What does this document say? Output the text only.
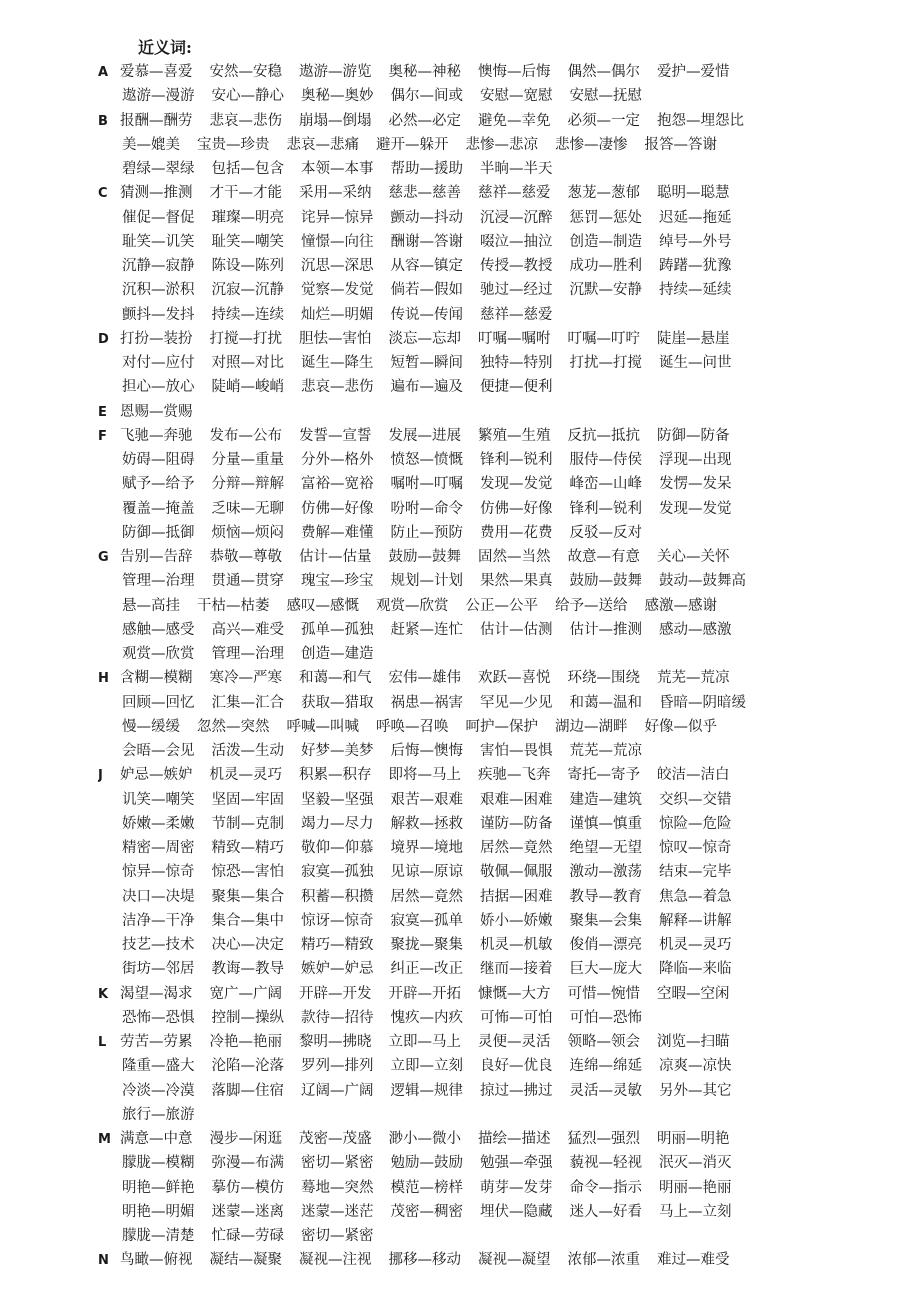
近义词:
A 爱慕—喜爱 安然—安稳 遨游—游览 奥秘—神秘 懊悔—后悔 偶然—偶尔 爱护—爱惜
遨游—漫游 安心—静心 奥秘—奥妙 偶尔—间或 安慰—宽慰 安慰—抚慰
B 报酬—酬劳 悲哀—悲伤 崩塌—倒塌 必然—必定 避免—幸免 必须—一定 抱怨—埋怨比
美—媲美 宝贵—珍贵 悲哀—悲痛 避开—躲开 悲惨—悲凉 悲惨—凄惨 报答—答谢
碧绿—翠绿 包括—包含 本领—本事 帮助—援助 半晌—半天
C 猜测—推测 才干—才能 采用—采纳 慈悲—慈善 慈祥—慈爱 葱茏—葱郁 聪明—聪慧
催促—督促 璀璨—明亮 诧异—惊异 颤动—抖动 沉浸—沉醉 惩罚—惩处 迟延—拖延
耻笑—讥笑 耻笑—嘲笑 憧憬—向往 酬谢—答谢 啜泣—抽泣 创造—制造 绰号—外号
沉静—寂静 陈设—陈列 沉思—深思 从容—镇定 传授—教授 成功—胜利 踌躇—犹豫
沉积—淤积 沉寂—沉静 觉察—发觉 倘若—假如 驰过—经过 沉默—安静 持续—延续
颤抖—发抖 持续—连续 灿烂—明媚 传说—传闻 慈祥—慈爱
D 打扮—装扮 打搅—打扰 胆怯—害怕 淡忘—忘却 叮嘱—嘱咐 叮嘱—叮咛 陡崖—悬崖
对付—应付 对照—对比 诞生—降生 短暂—瞬间 独特—特别 打扰—打搅 诞生—问世
担心—放心 陡峭—峻峭 悲哀—悲伤 遍布—遍及 便捷—便利
E 恩赐—赏赐
F 飞驰—奔驰 发布—公布 发誓—宣誓 发展—进展 繁殖—生殖 反抗—抵抗 防御—防备
妨碍—阻碍 分量—重量 分外—格外 愤怒—愤慨 锋利—锐利 服侍—侍侯 浮现—出现
赋予—给予 分辩—辩解 富裕—宽裕 嘱咐—叮嘱 发现—发觉 峰峦—山峰 发愣—发呆
覆盖—掩盖 乏味—无聊 仿佛—好像 吩咐—命令 仿佛—好像 锋利—锐利 发现—发觉
防御—抵御 烦恼—烦闷 费解—难懂 防止—预防 费用—花费 反驳—反对
G 告别—告辞 恭敬—尊敬 估计—估量 鼓励—鼓舞 固然—当然 故意—有意 关心—关怀
管理—治理 贯通—贯穿 瑰宝—珍宝 规划—计划 果然—果真 鼓励—鼓舞 鼓动—鼓舞高
悬—高挂 干枯—枯萎 感叹—感慨 观赏—欣赏 公正—公平 给予—送给 感激—感谢
感触—感受 高兴—难受 孤单—孤独 赶紧—连忙 估计—估测 估计—推测 感动—感激
观赏—欣赏 管理—治理 创造—建造
H 含糊—模糊 寒冷—严寒 和蔼—和气 宏伟—雄伟 欢跃—喜悦 环绕—围绕 荒芜—荒凉
回顾—回忆 汇集—汇合 获取—猎取 祸患—祸害 罕见—少见 和蔼—温和 昏暗—阴暗缓
慢—缓缓 忽然—突然 呼喊—叫喊 呼唤—召唤 呵护—保护 湖边—湖畔 好像—似乎
会晤—会见 活泼—生动 好梦—美梦 后悔—懊悔 害怕—畏惧 荒芜—荒凉
J 妒忌—嫉妒 机灵—灵巧 积累—积存 即将—马上 疾驰—飞奔 寄托—寄予 皎洁—洁白
讥笑—嘲笑 坚固—牢固 坚毅—坚强 艰苦—艰难 艰难—困难 建造—建筑 交织—交错
娇嫩—柔嫩 节制—克制 竭力—尽力 解救—拯救 谨防—防备 谨慎—慎重 惊险—危险
精密—周密 精致—精巧 敬仰—仰慕 境界—境地 居然—竟然 绝望—无望 惊叹—惊奇
惊异—惊奇 惊恐—害怕 寂寞—孤独 见谅—原谅 敬佩—佩服 激动—激荡 结束—完毕
决口—决堤 聚集—集合 积蓄—积攒 居然—竟然 拮据—困难 教导—教育 焦急—着急
洁净—干净 集合—集中 惊讶—惊奇 寂寞—孤单 娇小—娇嫩 聚集—会集 解释—讲解
技艺—技术 决心—决定 精巧—精致 聚拢—聚集 机灵—机敏 俊俏—漂亮 机灵—灵巧
街坊—邻居 教诲—教导 嫉妒—妒忌 纠正—改正 继而—接着 巨大—庞大 降临—来临
K 渴望—渴求 宽广—广阔 开辟—开发 开辟—开拓 慷慨—大方 可惜—惋惜 空暇—空闲
恐怖—恐惧 控制—操纵 款待—招待 愧疚—内疚 可怖—可怕 可怕—恐怖
L 劳苦—劳累 冷艳—艳丽 黎明—拂晓 立即—马上 灵便—灵活 领略—领会 浏览—扫瞄
隆重—盛大 沦陷—沦落 罗列—排列 立即—立刻 良好—优良 连绵—绵延 凉爽—凉快
冷淡—冷漠 落脚—住宿 辽阔—广阔 逻辑—规律 掠过—拂过 灵活—灵敏 另外—其它
旅行—旅游
M 满意—中意 漫步—闲逛 茂密—茂盛 渺小—微小 描绘—描述 猛烈—强烈 明丽—明艳
朦胧—模糊 弥漫—布满 密切—紧密 勉励—鼓励 勉强—牵强 藐视—轻视 泯灭—消灭
明艳—鲜艳 摹仿—模仿 蓦地—突然 模范—榜样 萌芽—发芽 命令—指示 明丽—艳丽
明艳—明媚 迷蒙—迷离 迷蒙—迷茫 茂密—稠密 埋伏—隐藏 迷人—好看 马上—立刻
朦胧—清楚 忙碌—劳碌 密切—紧密
N 鸟瞰—俯视 凝结—凝聚 凝视—注视 挪移—移动 凝视—凝望 浓郁—浓重 难过—难受
